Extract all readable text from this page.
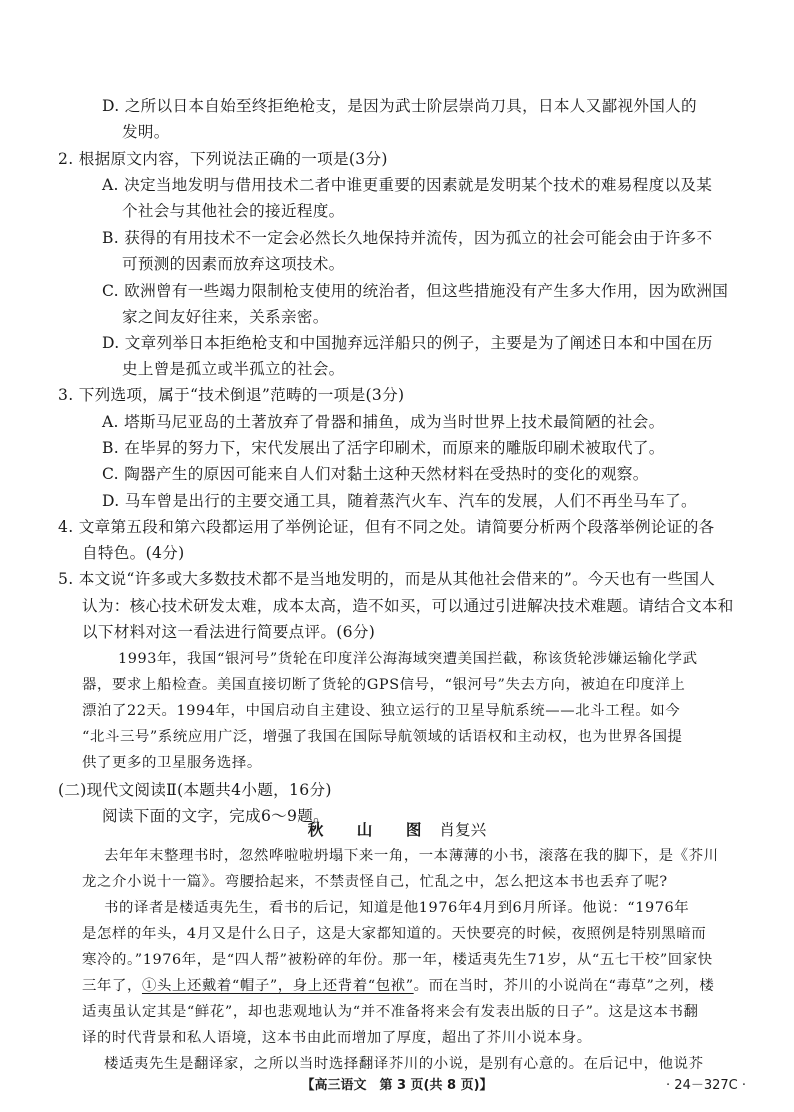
D. 之所以日本自始至终拒绝枪支，是因为武士阶层崇尚刀具，日本人又鄙视外国人的
发明。
2. 根据原文内容，下列说法正确的一项是(3分)
A. 决定当地发明与借用技术二者中谁更重要的因素就是发明某个技术的难易程度以及某
个社会与其他社会的接近程度。
B. 获得的有用技术不一定会必然长久地保持并流传，因为孤立的社会可能会由于许多不
可预测的因素而放弃这项技术。
C. 欧洲曾有一些竭力限制枪支使用的统治者，但这些措施没有产生多大作用，因为欧洲国
家之间友好往来，关系亲密。
D. 文章列举日本拒绝枪支和中国抛弃远洋船只的例子，主要是为了阐述日本和中国在历
史上曾是孤立或半孤立的社会。
3. 下列选项，属于“技术倒退”范畴的一项是(3分)
A. 塔斯马尼亚岛的土著放弃了骨器和捕鱼，成为当时世界上技术最简陋的社会。
B. 在毕昇的努力下，宋代发展出了活字印刷术，而原来的雕版印刷术被取代了。
C. 陶器产生的原因可能来自人们对黏土这种天然材料在受热时的变化的观察。
D. 马车曾是出行的主要交通工具，随着蒸汽火车、汽车的发展，人们不再坐马车了。
4. 文章第五段和第六段都运用了举例论证，但有不同之处。请简要分析两个段落举例论证的各
自特色。(4分)
5. 本文说“许多或大多数技术都不是当地发明的，而是从其他社会借来的”。今天也有一些国人
认为：核心技术研发太难，成本太高，造不如买，可以通过引进解决技术难题。请结合文本和
以下材料对这一看法进行简要点评。(6分)
1993年，我国“银河号”货轮在印度洋公海海域突遭美国拦截，称该货轮涉嫌运输化学武
器，要求上船检查。美国直接切断了货轮的GPS信号，“银河号”失去方向，被迫在印度洋上
漂泊了22天。1994年，中国启动自主建设、独立运行的卫星导航系统——北斗工程。如今
“北斗三号”系统应用广泛，增强了我国在国际导航领域的话语权和主动权，也为世界各国提
供了更多的卫星服务选择。
(二)现代文阅读Ⅱ(本题共4小题，16分)
阅读下面的文字，完成6～9题。
秋 山 图 肖复兴
去年年末整理书时，忽然哗啦啦坍塌下来一角，一本薄薄的小书，滚落在我的脚下，是《芥川
龙之介小说十一篇》。弯腰拾起来，不禁责怪自己，忙乱之中，怎么把这本书也丢弃了呢?
书的译者是楼适夷先生，看书的后记，知道是他1976年4月到6月所译。他说：“1976年
是怎样的年头，4月又是什么日子，这是大家都知道的。天快要亮的时候，夜照例是特别黑暗而
寒冷的。”1976年，是“四人帮”被粉碎的年份。那一年，楼适夷先生71岁，从“五七干校”回家快
三年了，①头上还戴着“帽子”，身上还背着“包袱”。而在当时，芥川的小说尚在“毒草”之列，楼
适夷虽认定其是“鲜花”，却也悲观地认为“并不准备将来会有发表出版的日子”。这是这本书翻
译的时代背景和私人语境，这本书由此而增加了厚度，超出了芥川小说本身。
楼适夷先生是翻译家，之所以当时选择翻译芥川的小说，是别有心意的。在后记中，他说芥
【高三语文　第 3 页(共 8 页)】	· 24－327C ·
